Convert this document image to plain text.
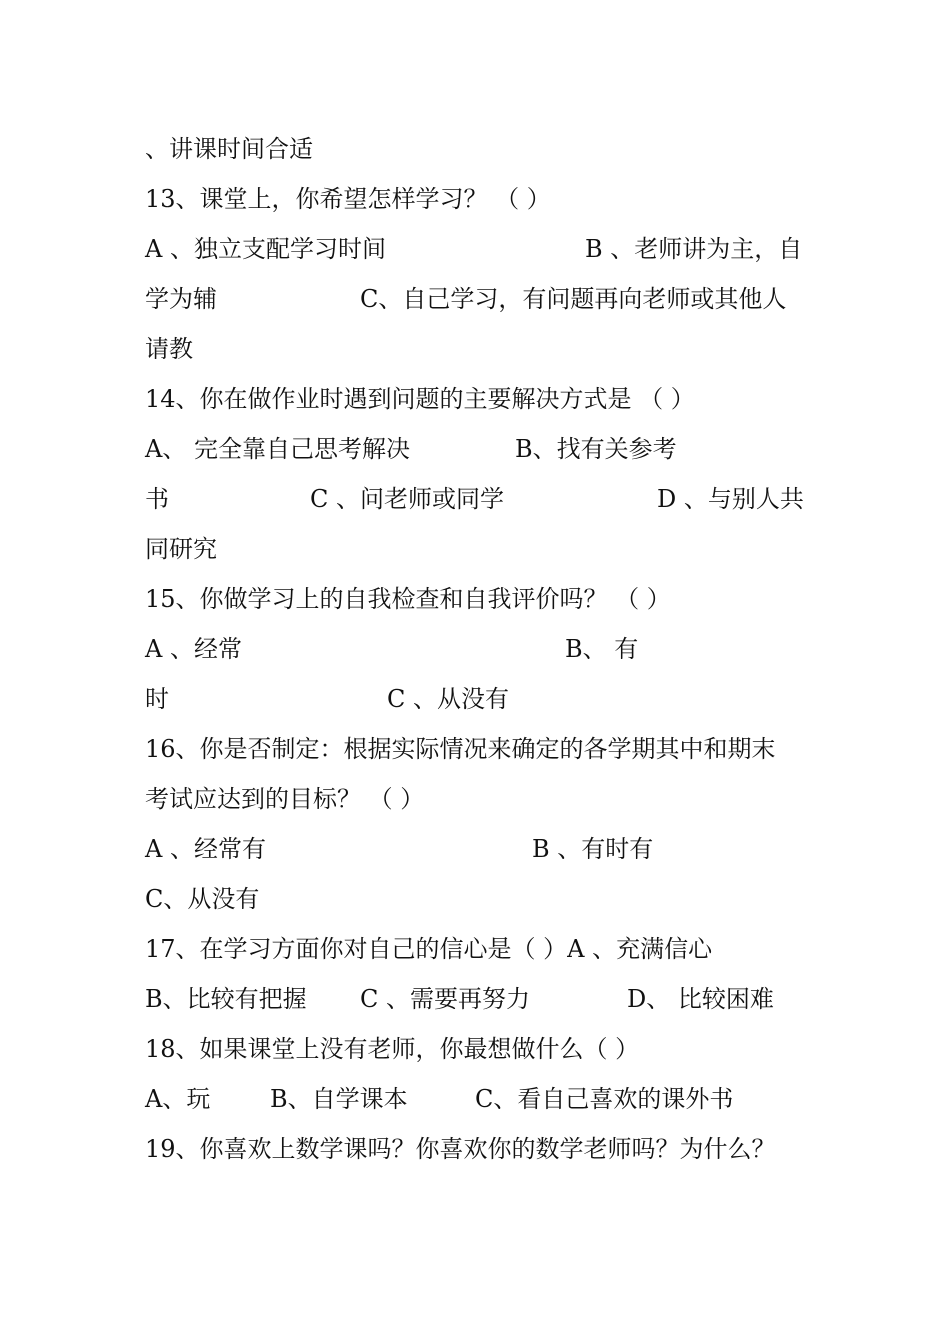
、讲课时间合适

13、课堂上，你希望怎样学习？ （ ）

A 、独立支配学习时间

	B 、老师讲为主，自

学为辅

	C、自己学习，有问题再向老师或其他人

请教

14、你在做作业时遇到问题的主要解决方式是 （ ）

A、 完全靠自己思考解决

	B、找有关参考

书

	C 、问老师或同学

	D 、与别人共

同研究

15、你做学习上的自我检查和自我评价吗？ （ ）

A 、经常

	B、 有

时

	C 、从没有

16、你是否制定：根据实际情况来确定的各学期其中和期末

考试应达到的目标？ （ ）

A 、经常有

	B 、有时有

C、从没有

17、在学习方面你对自己的信心是（ ）A 、充满信心

B、比较有把握

C 、需要再努力

	D、 比较困难

18、如果课堂上没有老师，你最想做什么（ ）

A、玩

B、自学课本

	C、看自己喜欢的课外书

19、你喜欢上数学课吗？你喜欢你的数学老师吗？为什么？
